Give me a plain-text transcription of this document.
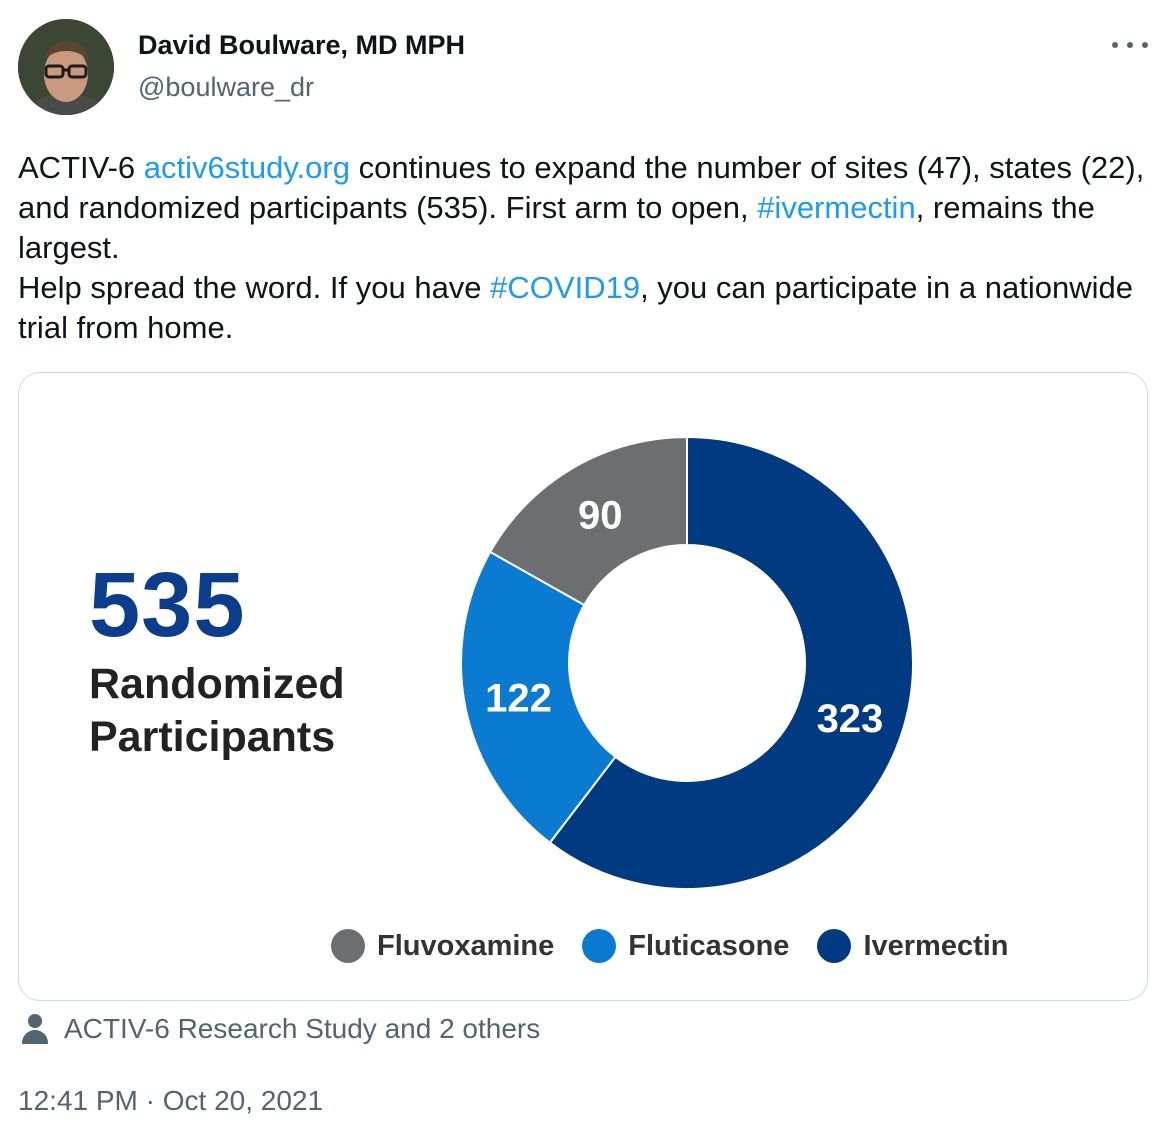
David Boulware, MD MPH
@boulware_dr
ACTIV-6 activ6study.org continues to expand the number of sites (47), states (22), and randomized participants (535). First arm to open, #ivermectin, remains the largest.
Help spread the word. If you have #COVID19, you can participate in a nationwide trial from home.
535
Randomized Participants	323
122
90
Fluvoxamine	Fluticasone	Ivermectin
ACTIV-6 Research Study and 2 others
12:41 PM · Oct 20, 2021
